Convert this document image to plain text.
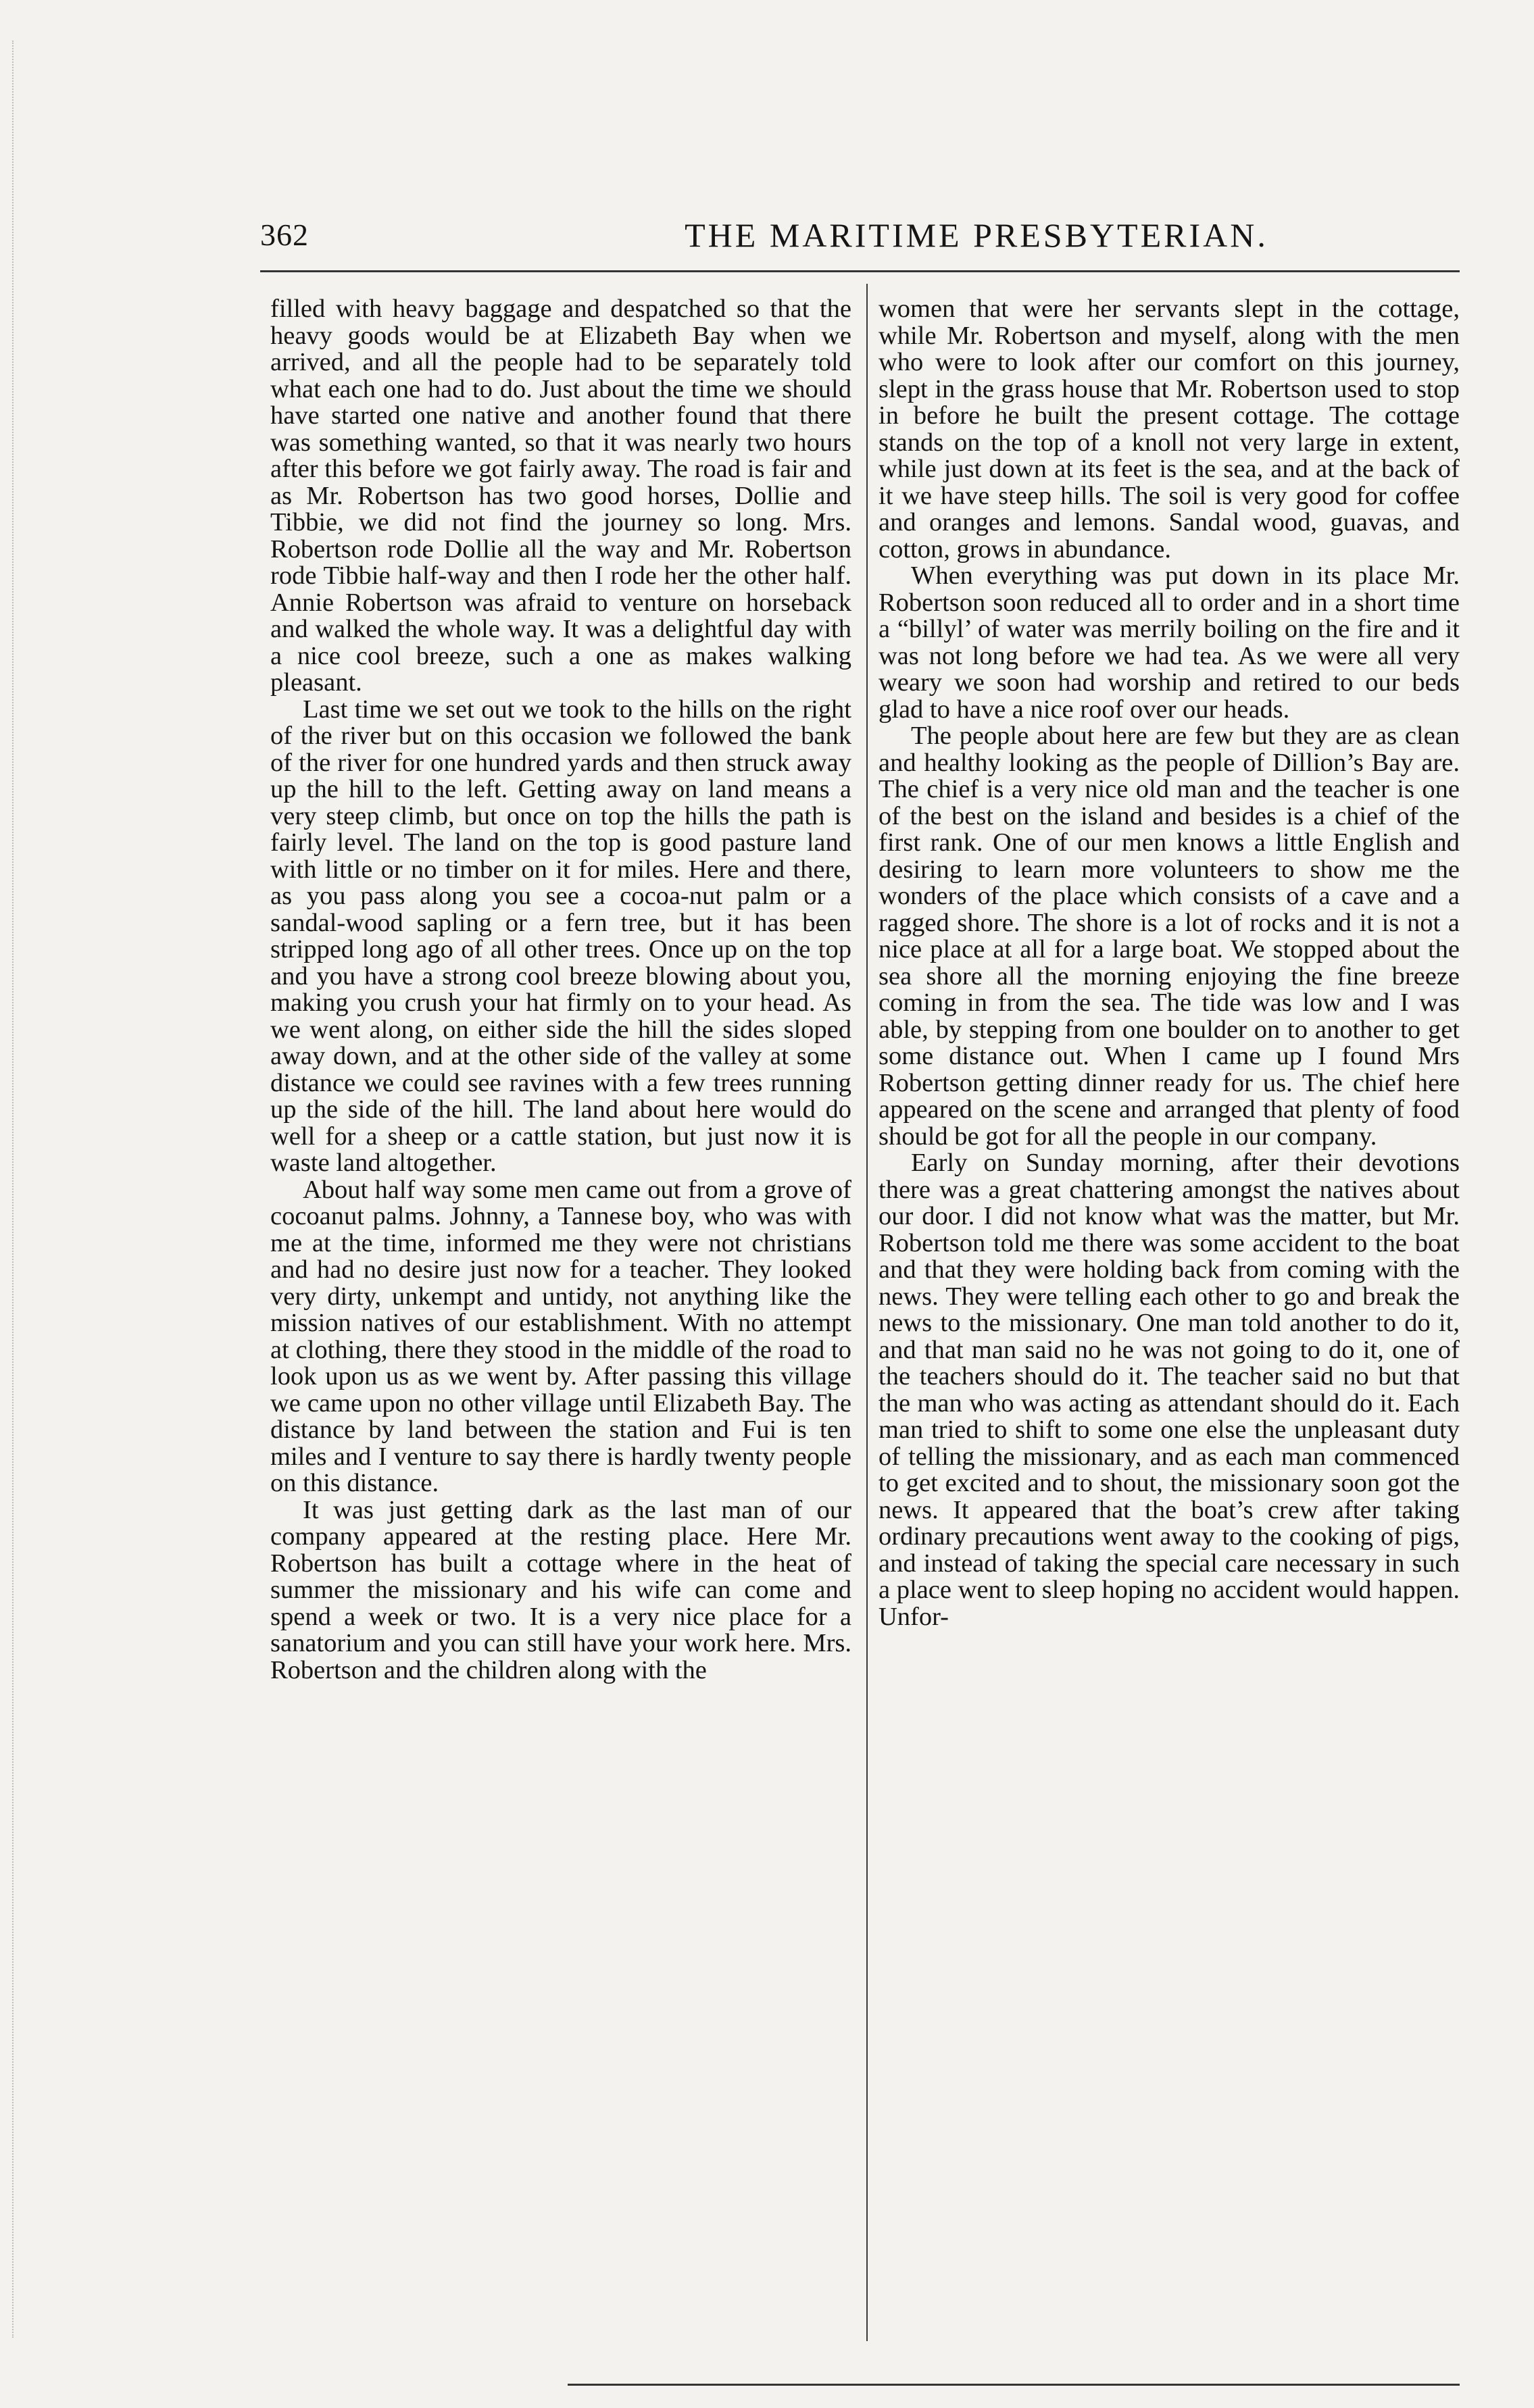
362	THE MARITIME PRESBYTERIAN.

filled with heavy baggage and despatched so that the heavy goods would be at Elizabeth Bay when we arrived, and all the people had to be separately told what each one had to do. Just about the time we should have started one native and another found that there was something wanted, so that it was nearly two hours after this before we got fairly away. The road is fair and as Mr. Robertson has two good horses, Dollie and Tibbie, we did not find the journey so long. Mrs. Robertson rode Dollie all the way and Mr. Robertson rode Tibbie half-way and then I rode her the other half. Annie Robertson was afraid to venture on horseback and walked the whole way. It was a delightful day with a nice cool breeze, such a one as makes walking pleasant.

Last time we set out we took to the hills on the right of the river but on this occasion we followed the bank of the river for one hundred yards and then struck away up the hill to the left. Getting away on land means a very steep climb, but once on top the hills the path is fairly level. The land on the top is good pasture land with little or no timber on it for miles. Here and there, as you pass along you see a cocoa-nut palm or a sandal-wood sapling or a fern tree, but it has been stripped long ago of all other trees. Once up on the top and you have a strong cool breeze blowing about you, making you crush your hat firmly on to your head. As we went along, on either side the hill the sides sloped away down, and at the other side of the valley at some distance we could see ravines with a few trees running up the side of the hill. The land about here would do well for a sheep or a cattle station, but just now it is waste land altogether.

About half way some men came out from a grove of cocoanut palms. Johnny, a Tannese boy, who was with me at the time, informed me they were not christians and had no desire just now for a teacher. They looked very dirty, unkempt and untidy, not anything like the mission natives of our establishment. With no attempt at clothing, there they stood in the middle of the road to look upon us as we went by. After passing this village we came upon no other village until Elizabeth Bay. The distance by land between the station and Fui is ten miles and I venture to say there is hardly twenty people on this distance.

It was just getting dark as the last man of our company appeared at the resting place. Here Mr. Robertson has built a cottage where in the heat of summer the missionary and his wife can come and spend a week or two. It is a very nice place for a sanatorium and you can still have your work here. Mrs. Robertson and the children along with the

women that were her servants slept in the cottage, while Mr. Robertson and myself, along with the men who were to look after our comfort on this journey, slept in the grass house that Mr. Robertson used to stop in before he built the present cottage. The cottage stands on the top of a knoll not very large in extent, while just down at its feet is the sea, and at the back of it we have steep hills. The soil is very good for coffee and oranges and lemons. Sandal wood, guavas, and cotton, grows in abundance.

When everything was put down in its place Mr. Robertson soon reduced all to order and in a short time a “billyl’ of water was merrily boiling on the fire and it was not long before we had tea. As we were all very weary we soon had worship and retired to our beds glad to have a nice roof over our heads.

The people about here are few but they are as clean and healthy looking as the people of Dillion’s Bay are. The chief is a very nice old man and the teacher is one of the best on the island and besides is a chief of the first rank. One of our men knows a little English and desiring to learn more volunteers to show me the wonders of the place which consists of a cave and a ragged shore. The shore is a lot of rocks and it is not a nice place at all for a large boat. We stopped about the sea shore all the morning enjoying the fine breeze coming in from the sea. The tide was low and I was able, by stepping from one boulder on to another to get some distance out. When I came up I found Mrs Robertson getting dinner ready for us. The chief here appeared on the scene and arranged that plenty of food should be got for all the people in our company.

Early on Sunday morning, after their devotions there was a great chattering amongst the natives about our door. I did not know what was the matter, but Mr. Robertson told me there was some accident to the boat and that they were holding back from coming with the news. They were telling each other to go and break the news to the missionary. One man told another to do it, and that man said no he was not going to do it, one of the teachers should do it. The teacher said no but that the man who was acting as attendant should do it. Each man tried to shift to some one else the unpleasant duty of telling the missionary, and as each man commenced to get excited and to shout, the missionary soon got the news. It appeared that the boat’s crew after taking ordinary precautions went away to the cooking of pigs, and instead of taking the special care necessary in such a place went to sleep hoping no accident would happen. Unfor-
